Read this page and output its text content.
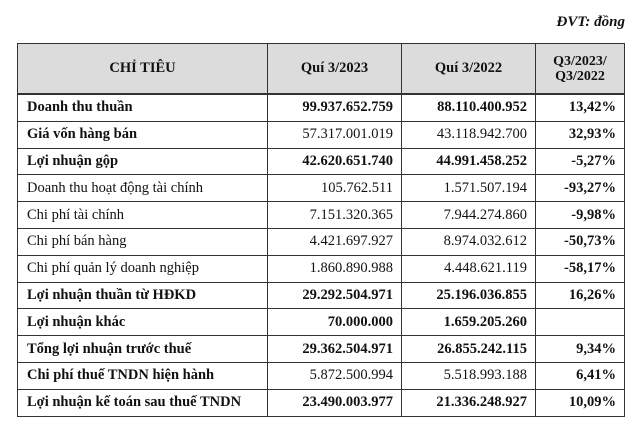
ĐVT: đồng
CHỈ TIÊU	Quí 3/2023	Quí 3/2022	Q3/2023/
Q3/2022

Doanh thu thuần	99.937.652.759	88.110.400.952	13,42%
Giá vốn hàng bán	57.317.001.019	43.118.942.700	32,93%
Lợi nhuận gộp	42.620.651.740	44.991.458.252	-5,27%
Doanh thu hoạt động tài chính	105.762.511	1.571.507.194	-93,27%
Chi phí tài chính	7.151.320.365	7.944.274.860	-9,98%
Chi phí bán hàng	4.421.697.927	8.974.032.612	-50,73%
Chi phí quản lý doanh nghiệp	1.860.890.988	4.448.621.119	-58,17%
Lợi nhuận thuần từ HĐKD	29.292.504.971	25.196.036.855	16,26%
Lợi nhuận khác	70.000.000	1.659.205.260	
Tổng lợi nhuận trước thuế	29.362.504.971	26.855.242.115	9,34%
Chi phí thuế TNDN hiện hành	5.872.500.994	5.518.993.188	6,41%
Lợi nhuận kế toán sau thuế TNDN	23.490.003.977	21.336.248.927	10,09%
